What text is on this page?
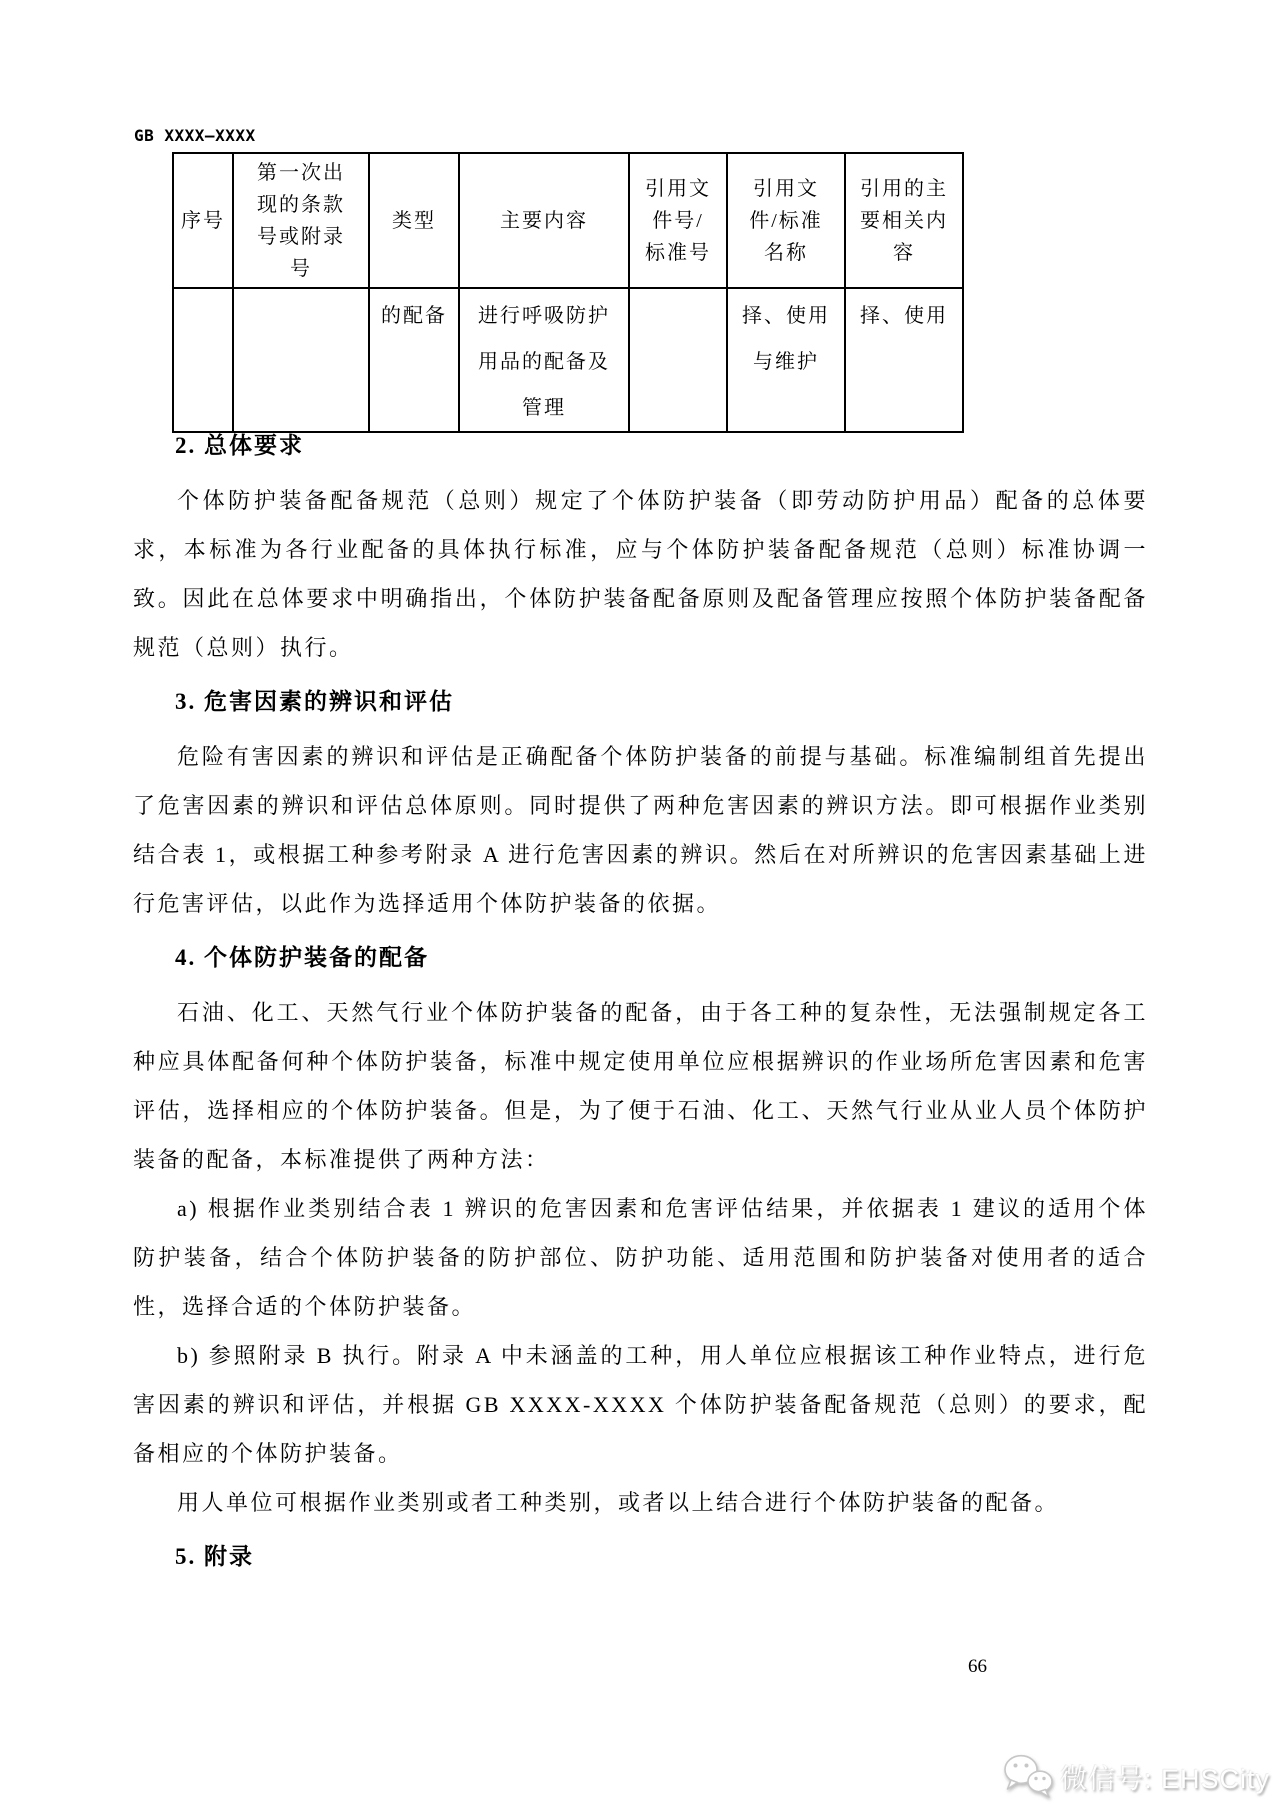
GB XXXX—XXXX
序号	第一次出现的条款号或附录号	类型	主要内容	引用文件号/标准号	引用文件/标准名称	引用的主要相关内容
		的配备	进行呼吸防护用品的配备及管理		择、使用与维护	择、使用
2. 总体要求

个体防护装备配备规范（总则）规定了个体防护装备（即劳动防护用品）配备的总体要求，本标准为各行业配备的具体执行标准，应与个体防护装备配备规范（总则）标准协调一致。因此在总体要求中明确指出，个体防护装备配备原则及配备管理应按照个体防护装备配备规范（总则）执行。

3. 危害因素的辨识和评估

危险有害因素的辨识和评估是正确配备个体防护装备的前提与基础。标准编制组首先提出了危害因素的辨识和评估总体原则。同时提供了两种危害因素的辨识方法。即可根据作业类别结合表 1，或根据工种参考附录 A 进行危害因素的辨识。然后在对所辨识的危害因素基础上进行危害评估，以此作为选择适用个体防护装备的依据。

4. 个体防护装备的配备

石油、化工、天然气行业个体防护装备的配备，由于各工种的复杂性，无法强制规定各工种应具体配备何种个体防护装备，标准中规定使用单位应根据辨识的作业场所危害因素和危害评估，选择相应的个体防护装备。但是，为了便于石油、化工、天然气行业从业人员个体防护装备的配备，本标准提供了两种方法：

a) 根据作业类别结合表 1 辨识的危害因素和危害评估结果，并依据表 1 建议的适用个体防护装备，结合个体防护装备的防护部位、防护功能、适用范围和防护装备对使用者的适合性，选择合适的个体防护装备。

b) 参照附录 B 执行。附录 A 中未涵盖的工种，用人单位应根据该工种作业特点，进行危害因素的辨识和评估，并根据 GB XXXX-XXXX 个体防护装备配备规范（总则）的要求，配备相应的个体防护装备。

用人单位可根据作业类别或者工种类别，或者以上结合进行个体防护装备的配备。

5. 附录
66
微信号: EHSCity
